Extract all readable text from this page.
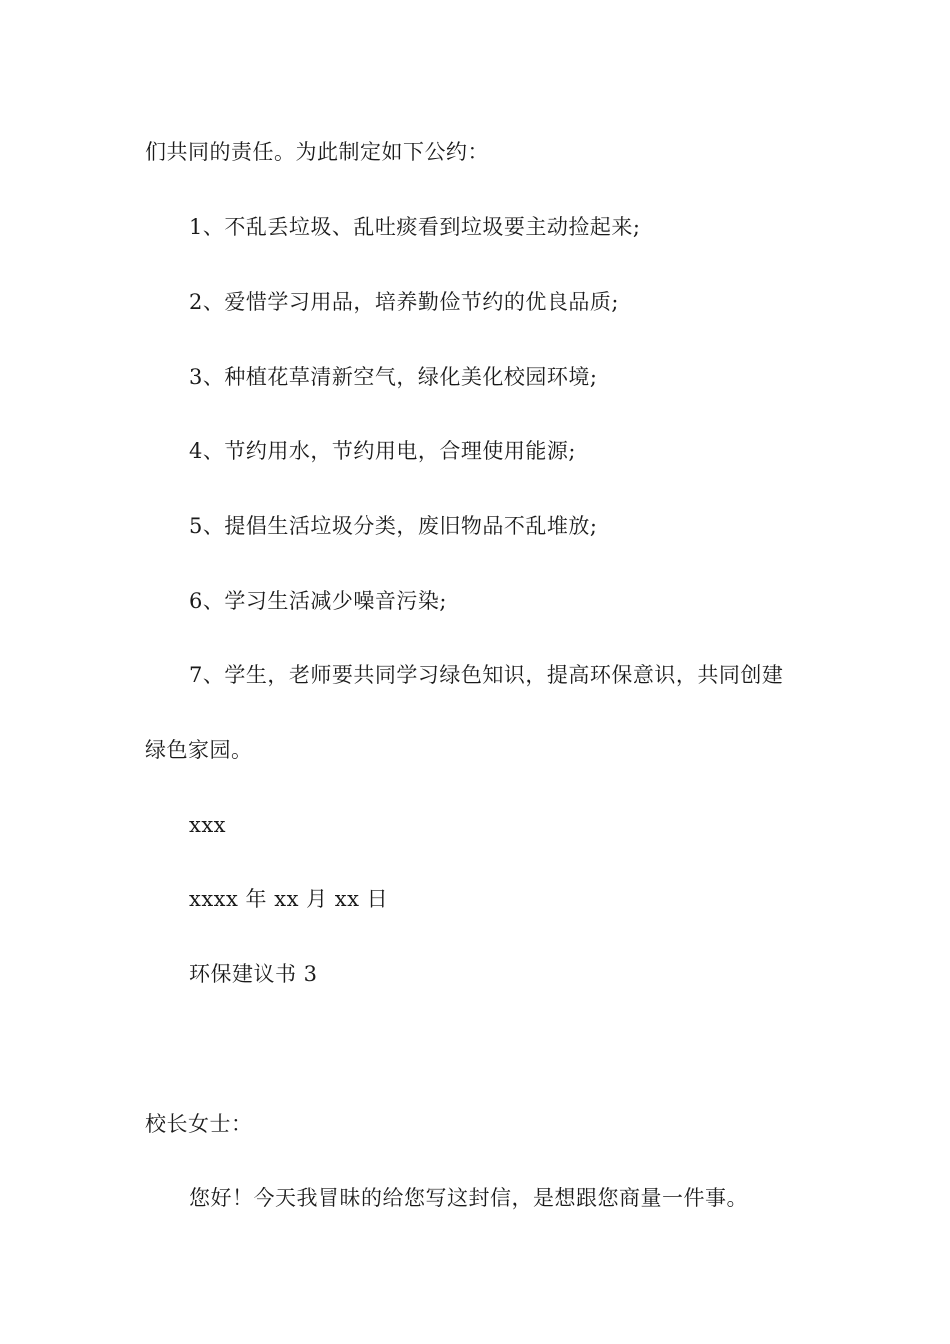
们共同的责任。为此制定如下公约：
1、不乱丢垃圾、乱吐痰看到垃圾要主动捡起来;
2、爱惜学习用品，培养勤俭节约的优良品质;
3、种植花草清新空气，绿化美化校园环境;
4、节约用水，节约用电，合理使用能源;
5、提倡生活垃圾分类，废旧物品不乱堆放;
6、学习生活减少噪音污染;
7、学生，老师要共同学习绿色知识，提高环保意识，共同创建
绿色家园。
xxx
xxxx 年 xx 月 xx 日
环保建议书 3
校长女士：
您好！今天我冒昧的给您写这封信，是想跟您商量一件事。
